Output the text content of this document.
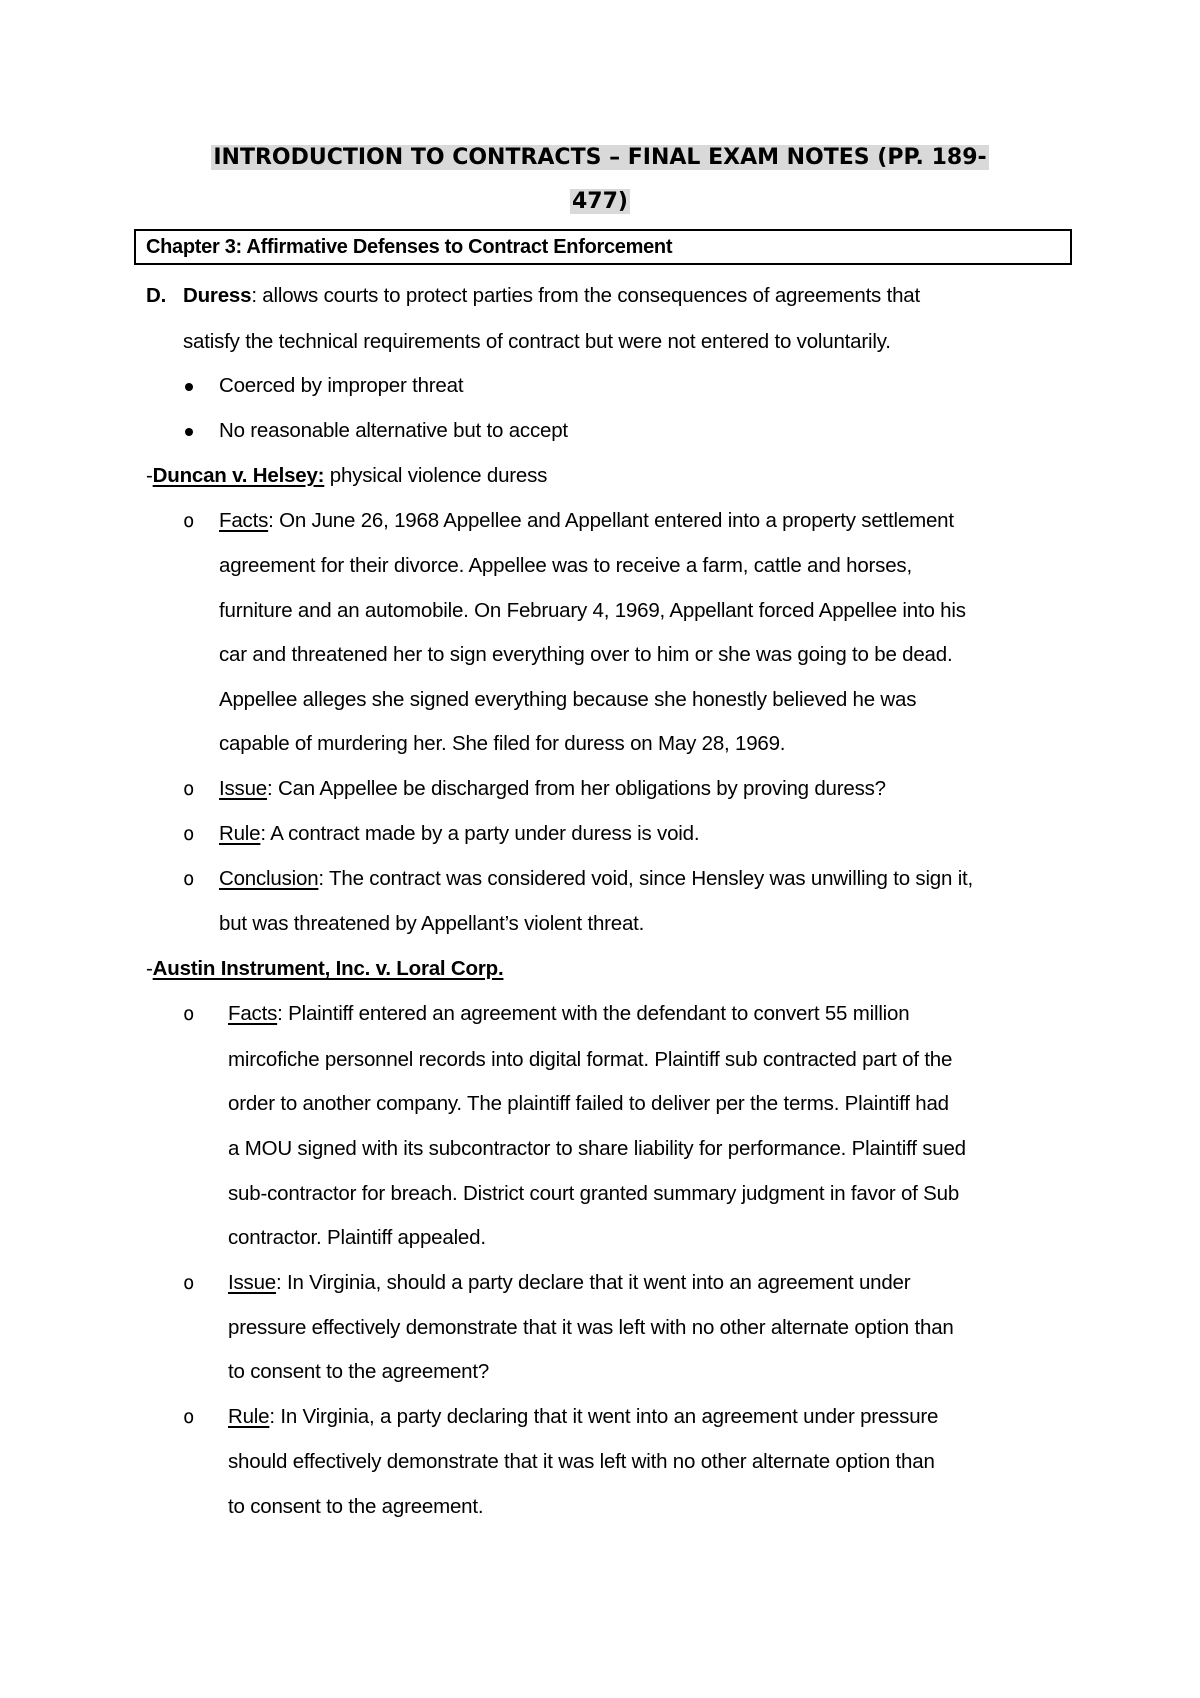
INTRODUCTION TO CONTRACTS – FINAL EXAM NOTES (PP. 189-
477)
Chapter 3: Affirmative Defenses to Contract Enforcement
D. Duress: allows courts to protect parties from the consequences of agreements that
satisfy the technical requirements of contract but were not entered to voluntarily.
Coerced by improper threat
No reasonable alternative but to accept
-Duncan v. Helsey: physical violence duress
o Facts: On June 26, 1968 Appellee and Appellant entered into a property settlement
agreement for their divorce. Appellee was to receive a farm, cattle and horses,
furniture and an automobile. On February 4, 1969, Appellant forced Appellee into his
car and threatened her to sign everything over to him or she was going to be dead.
Appellee alleges she signed everything because she honestly believed he was
capable of murdering her. She filed for duress on May 28, 1969.
o Issue: Can Appellee be discharged from her obligations by proving duress?
o Rule: A contract made by a party under duress is void.
o Conclusion: The contract was considered void, since Hensley was unwilling to sign it,
but was threatened by Appellant’s violent threat.
-Austin Instrument, Inc. v. Loral Corp.
o Facts: Plaintiff entered an agreement with the defendant to convert 55 million
mircofiche personnel records into digital format. Plaintiff sub contracted part of the
order to another company. The plaintiff failed to deliver per the terms. Plaintiff had
a MOU signed with its subcontractor to share liability for performance. Plaintiff sued
sub-contractor for breach. District court granted summary judgment in favor of Sub
contractor. Plaintiff appealed.
o Issue: In Virginia, should a party declare that it went into an agreement under
pressure effectively demonstrate that it was left with no other alternate option than
to consent to the agreement?
o Rule: In Virginia, a party declaring that it went into an agreement under pressure
should effectively demonstrate that it was left with no other alternate option than
to consent to the agreement.
